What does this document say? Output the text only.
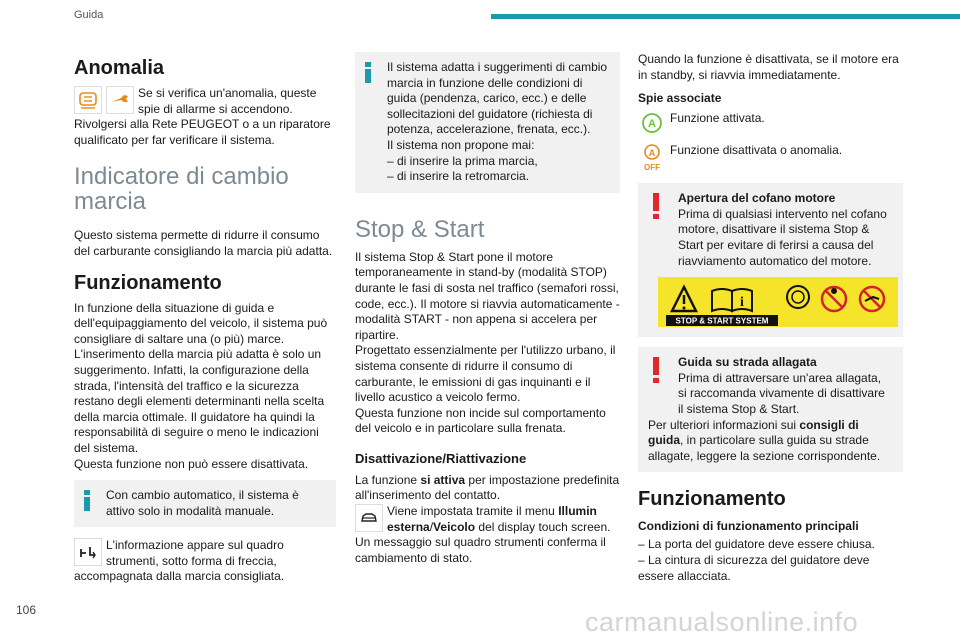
Guida
Anomalia

Se si verifica un'anomalia, queste spie di allarme si accendono.

Rivolgersi alla Rete PEUGEOT o a un riparatore qualificato per far verificare il sistema.

Indicatore di cambio marcia

Questo sistema permette di ridurre il consumo del carburante consigliando la marcia più adatta.

Funzionamento

In funzione della situazione di guida e dell'equipaggiamento del veicolo, il sistema può consigliare di saltare una (o più) marce.

L'inserimento della marcia più adatta è solo un suggerimento. Infatti, la configurazione della strada, l'intensità del traffico e la sicurezza restano degli elementi determinanti nella scelta della marcia ottimale. Il guidatore ha quindi la responsabilità di seguire o meno le indicazioni del sistema.

Questa funzione non può essere disattivata.

Con cambio automatico, il sistema è attivo solo in modalità manuale.

L'informazione appare sul quadro strumenti, sotto forma di freccia,

accompagnata dalla marcia consigliata.

Il sistema adatta i suggerimenti di cambio marcia in funzione delle condizioni di guida (pendenza, carico, ecc.) e delle sollecitazioni del guidatore (richiesta di potenza, accelerazione, frenata, ecc.).

Il sistema non propone mai:

– di inserire la prima marcia,

– di inserire la retromarcia.

Stop & Start

Il sistema Stop & Start pone il motore temporaneamente in stand-by (modalità STOP) durante le fasi di sosta nel traffico (semafori rossi, code, ecc.). Il motore si riavvia automaticamente - modalità START - non appena si accelera per ripartire.

Progettato essenzialmente per l'utilizzo urbano, il sistema consente di ridurre il consumo di carburante, le emissioni di gas inquinanti e il livello acustico a veicolo fermo.

Questa funzione non incide sul comportamento del veicolo e in particolare sulla frenata.

Disattivazione/Riattivazione

La funzione si attiva per impostazione predefinita all'inserimento del contatto.

Viene impostata tramite il menu Illumin esterna/Veicolo del display touch screen.

Un messaggio sul quadro strumenti conferma il cambiamento di stato.

Quando la funzione è disattivata, se il motore era in standby, si riavvia immediatamente.

Spie associate
A	Funzione attivata.

A
OFF

Funzione disattivata o anomalia.

Apertura del cofano motore

Prima di qualsiasi intervento nel cofano motore, disattivare il sistema Stop & Start per evitare di ferirsi a causa del riavviamento automatico del motore.

i
STOP & START SYSTEM

Guida su strada allagata

Prima di attraversare un'area allagata, si raccomanda vivamente di disattivare il sistema Stop & Start.

Per ulteriori informazioni sui consigli di guida, in particolare sulla guida su strade allagate, leggere la sezione corrispondente.

Funzionamento
Condizioni di funzionamento principali

– La porta del guidatore deve essere chiusa.

– La cintura di sicurezza del guidatore deve essere allacciata.

106	carmanualsonline.info
